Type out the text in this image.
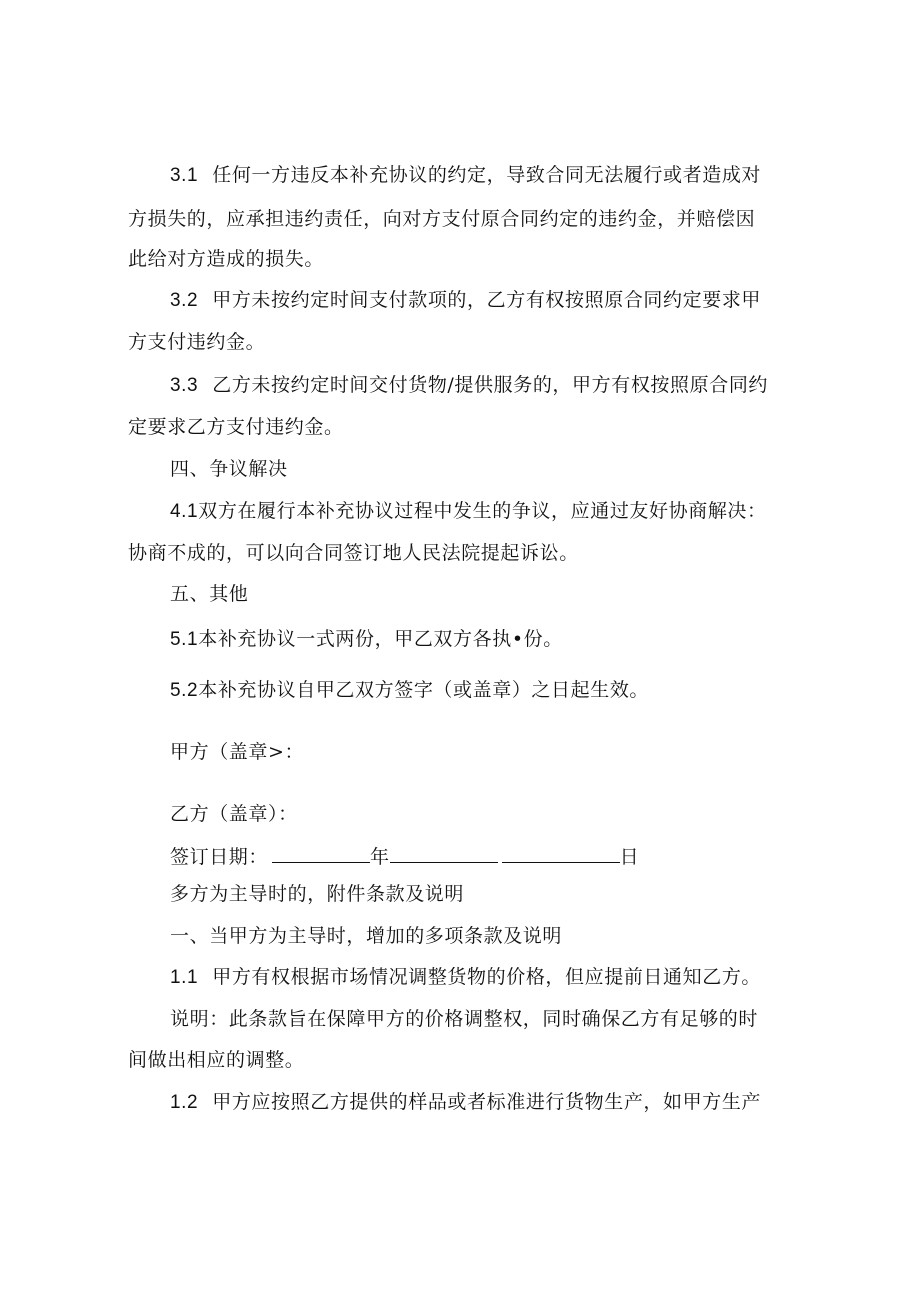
3.1 任何一方违反本补充协议的约定，导致合同无法履行或者造成对
方损失的，应承担违约责任，向对方支付原合同约定的违约金，并赔偿因
此给对方造成的损失。
3.2 甲方未按约定时间支付款项的，乙方有权按照原合同约定要求甲
方支付违约金。
3.3 乙方未按约定时间交付货物/提供服务的，甲方有权按照原合同约
定要求乙方支付违约金。
四、争议解决
4.1双方在履行本补充协议过程中发生的争议，应通过友好协商解决：
协商不成的，可以向合同签订地人民法院提起诉讼。
五、其他
5.1本补充协议一式两份，甲乙双方各执•份。
5.2本补充协议自甲乙双方签字（或盖章）之日起生效。
甲方（盖章>：
乙方（盖章）：
签订日期：	年	日
多方为主导时的，附件条款及说明
一、当甲方为主导时，增加的多项条款及说明
1.1 甲方有权根据市场情况调整货物的价格，但应提前日通知乙方。
说明：此条款旨在保障甲方的价格调整权，同时确保乙方有足够的时
间做出相应的调整。
1.2 甲方应按照乙方提供的样品或者标准进行货物生产，如甲方生产
